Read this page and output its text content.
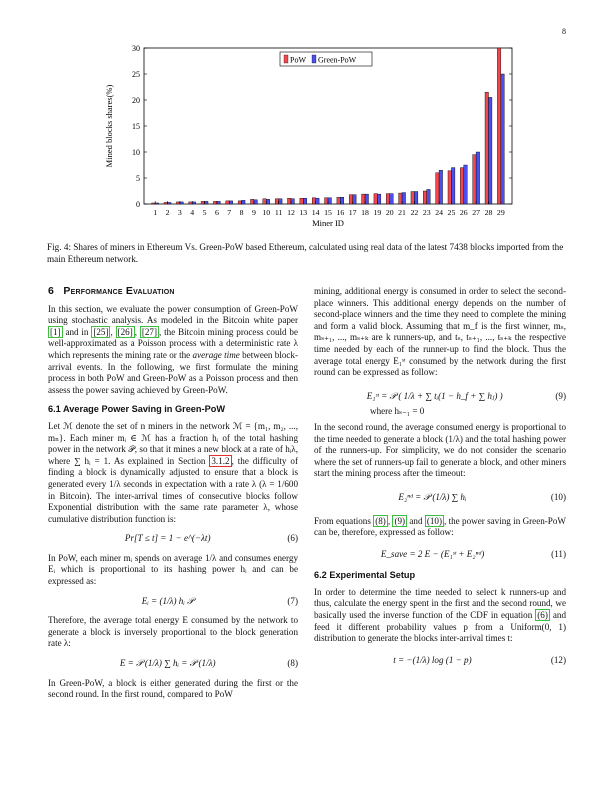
8
0
5
10
15
20
25
30
Mined blocks shares(%)
1 2 3 4 5 6 7 8 9 10 11 12 13 14 15 16 17 18 19 20 21 22 23 24 25 26 27 28 29
Miner ID
PoW Green-PoW
Fig. 4: Shares of miners in Ethereum Vs. Green-PoW based Ethereum, calculated using real data of the latest 7438 blocks imported from the main Ethereum network.
6 Performance Evaluation

In this section, we evaluate the power consumption of Green-PoW using stochastic analysis. As modeled in the Bitcoin white paper [1] and in [25] , [26] , [27] , the Bitcoin mining process could be well-approximated as a Poisson process with a deterministic rate λ which represents the mining rate or the average time between block-arrival events. In the following, we first formulate the mining process in both PoW and Green-PoW as a Poisson process and then assess the power saving achieved by Green-PoW.

6.1 Average Power Saving in Green-PoW

Let ℳ denote the set of n miners in the network ℳ = {m₁, m₂, ..., mₙ}. Each miner mᵢ ∈ ℳ has a fraction hᵢ of the total hashing power in the network 𝒫, so that it mines a new block at a rate of hᵢλ, where ∑ hᵢ = 1. As explained in Section 3.1.2 , the difficulty of finding a block is dynamically adjusted to ensure that a block is generated every 1/λ seconds in expectation with a rate λ (λ = 1/600 in Bitcoin). The inter-arrival times of consecutive blocks follow Exponential distribution with the same rate parameter λ, whose cumulative distribution function is:

Pr[T ≤ t] = 1 − e^(−λt)	(6)

In PoW, each miner mᵢ spends on average 1/λ and consumes energy Eᵢ which is proportional to its hashing power hᵢ and can be expressed as:

Eᵢ = (1/λ) hᵢ 𝒫	(7)

Therefore, the average total energy E consumed by the network to generate a block is inversely proportional to the block generation rate λ:

E = 𝒫 (1/λ) ∑ hᵢ = 𝒫 (1/λ)	(8)

In Green-PoW, a block is either generated during the first or the second round. In the first round, compared to PoW

mining, additional energy is consumed in order to select the second-place winners. This additional energy depends on the number of second-place winners and the time they need to complete the mining and form a valid block. Assuming that m_f is the first winner, mₛ, mₛ₊₁, ..., mₛ₊ₖ are k runners-up, and tₛ, tₛ₊₁, ..., tₛ₊ₖ the respective time needed by each of the runner-up to find the block. Thus the average total energy E₁ˢᵗ consumed by the network during the first round can be expressed as follow:

E₁ˢᵗ = 𝒫 ( 1/λ + ∑ tᵢ(1 − h_f + ∑ hⱼ) )	(9)
where hₛ₋₁ = 0

In the second round, the average consumed energy is proportional to the time needed to generate a block (1/λ) and the total hashing power of the runners-up. For simplicity, we do not consider the scenario where the set of runners-up fail to generate a block, and other miners start the mining process after the timeout:

E₂ⁿᵈ = 𝒫 (1/λ) ∑ hᵢ	(10)

From equations (8) , (9) and (10) , the power saving in Green-PoW can be, therefore, expressed as follow:

E_save = 2 E − (E₁ˢᵗ + E₂ⁿᵈ)	(11)
6.2 Experimental Setup

In order to determine the time needed to select k runners-up and thus, calculate the energy spent in the first and the second round, we basically used the inverse function of the CDF in equation (6) and feed it different probability values p from a Uniform(0, 1) distribution to generate the blocks inter-arrival times t:

t = −(1/λ) log (1 − p)	(12)
